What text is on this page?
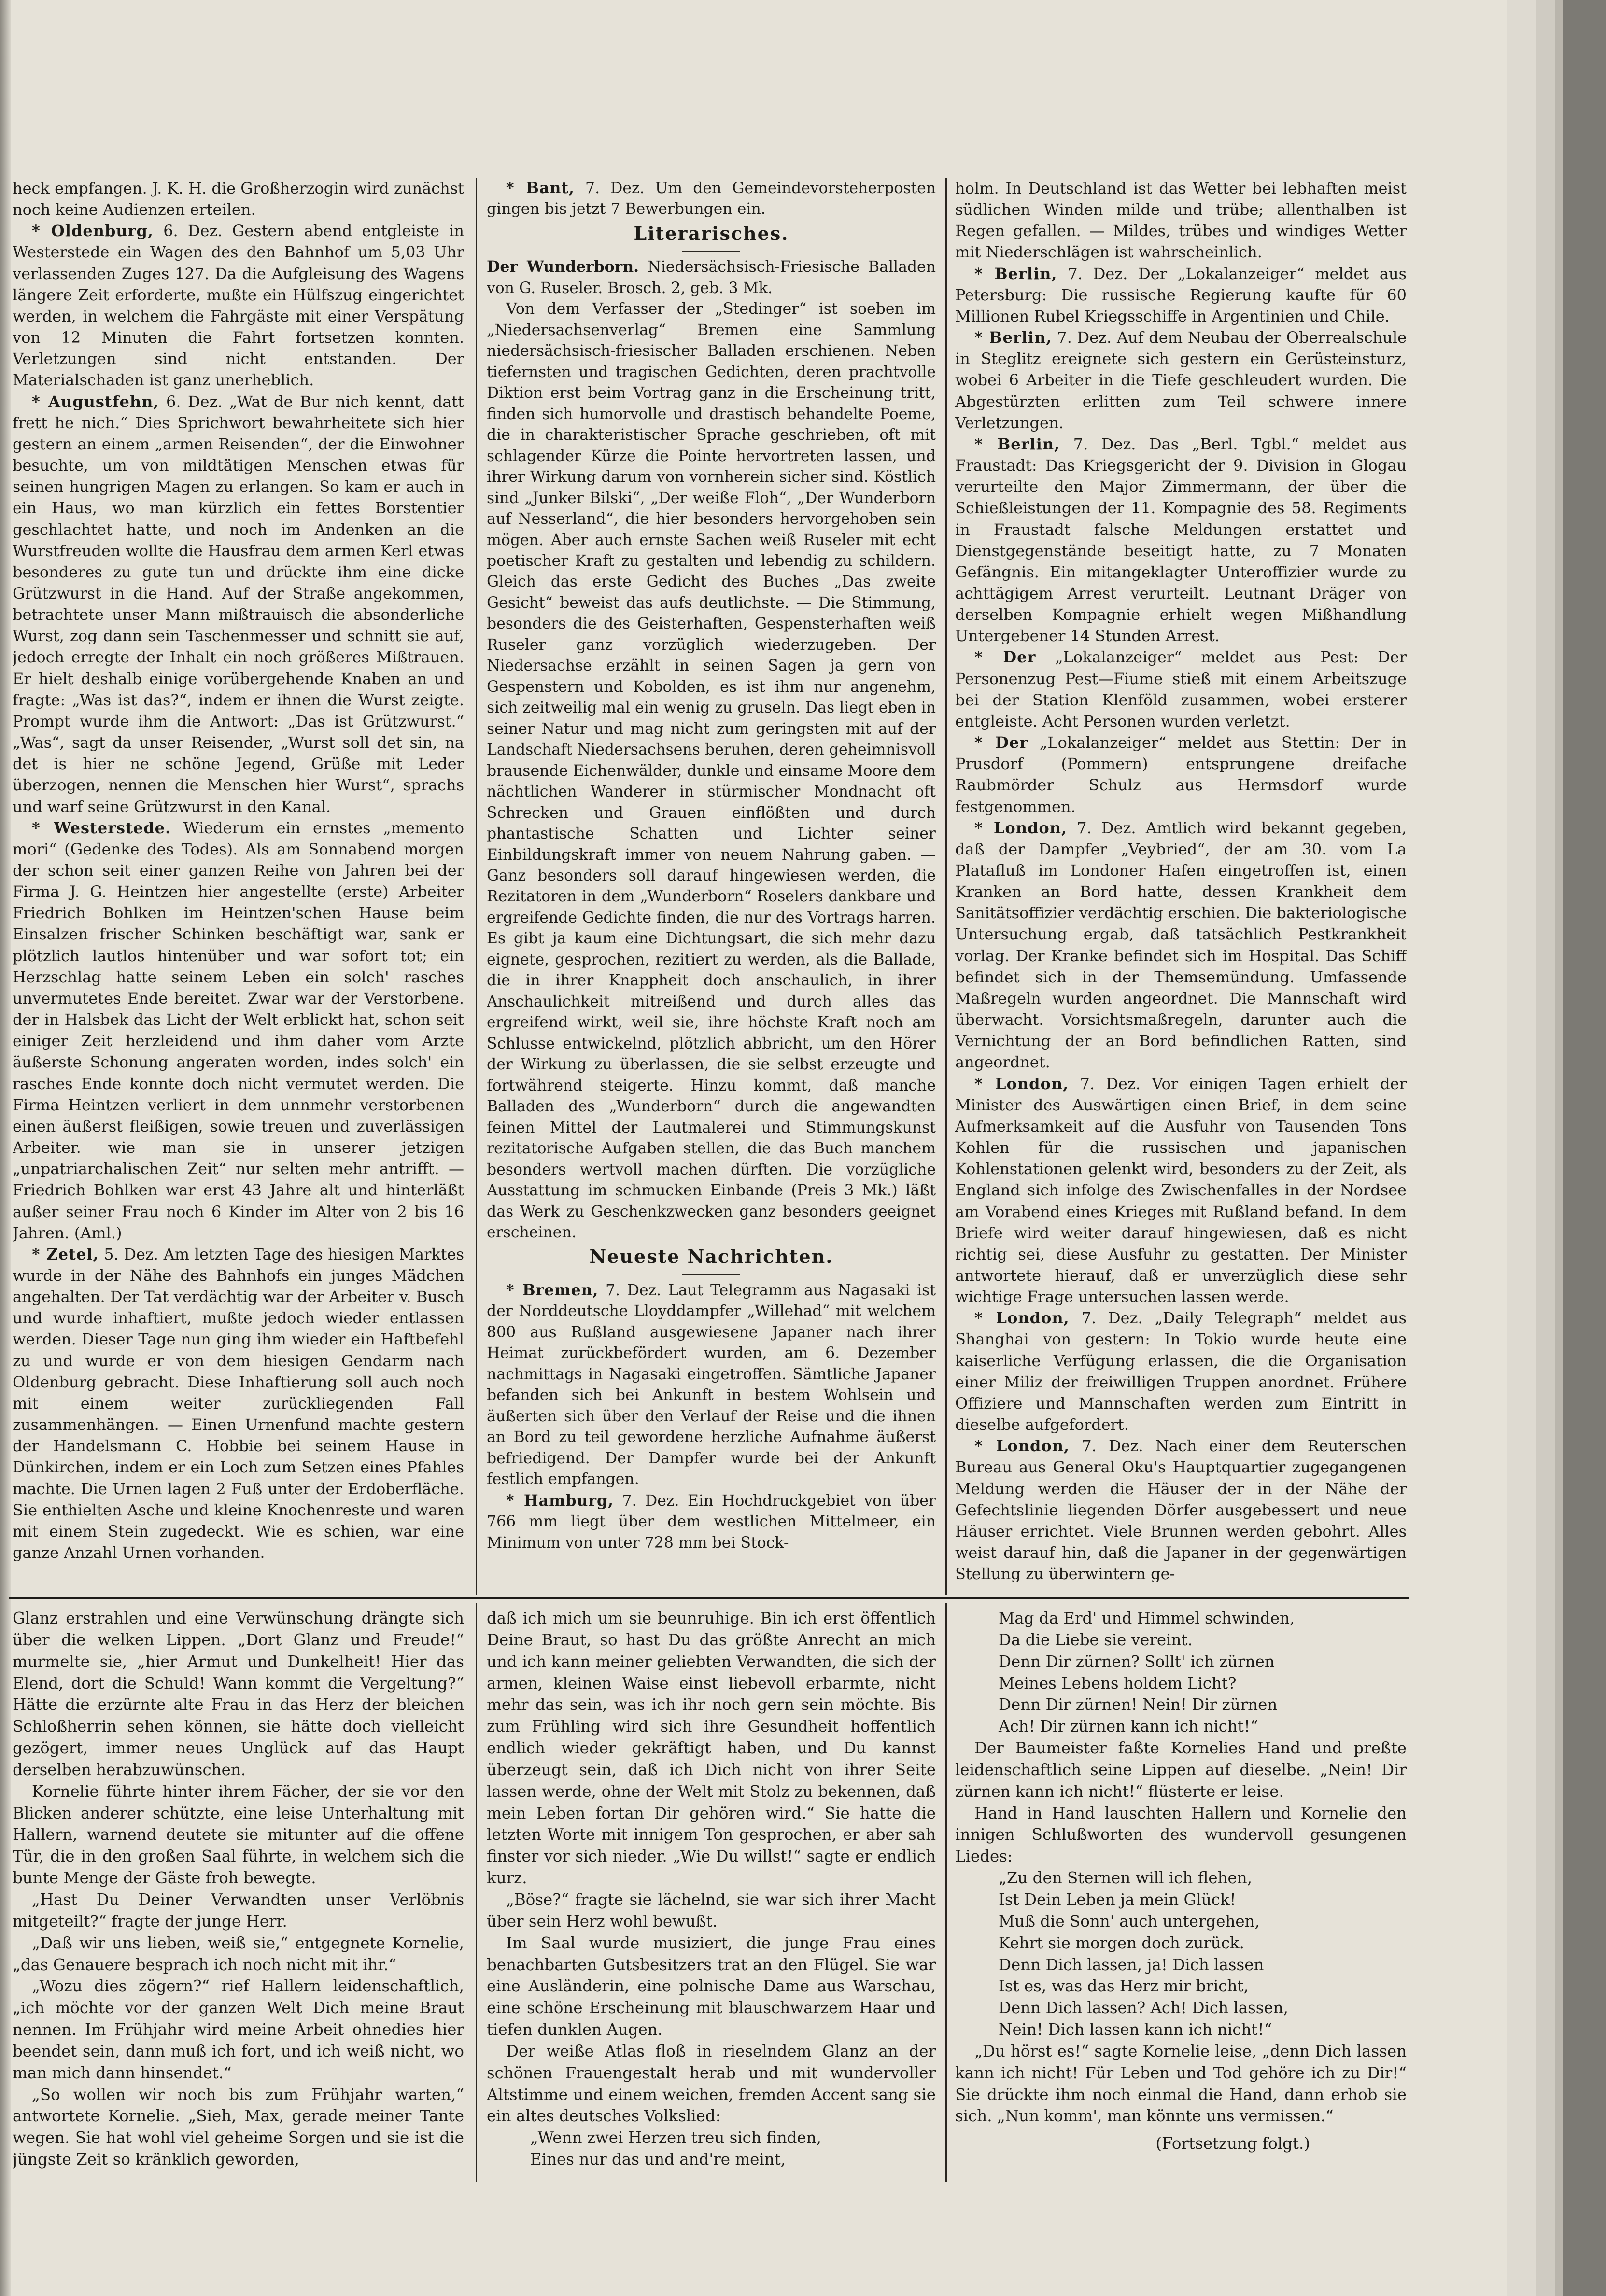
heck empfangen. J. K. H. die Großherzogin wird zunächst noch keine Audienzen erteilen.

* Oldenburg, 6. Dez. Gestern abend entgleiste in Westerstede ein Wagen des den Bahnhof um 5,03 Uhr verlassenden Zuges 127. Da die Aufgleisung des Wagens längere Zeit erforderte, mußte ein Hülfszug eingerichtet werden, in welchem die Fahrgäste mit einer Verspätung von 12 Minuten die Fahrt fortsetzen konnten. Verletzungen sind nicht entstanden. Der Materialschaden ist ganz unerheblich.

* Augustfehn, 6. Dez. „Wat de Bur nich kennt, datt frett he nich.“ Dies Sprichwort bewahrheitete sich hier gestern an einem „armen Reisenden“, der die Einwohner besuchte, um von mildtätigen Menschen etwas für seinen hungrigen Magen zu erlangen. So kam er auch in ein Haus, wo man kürzlich ein fettes Borstentier geschlachtet hatte, und noch im Andenken an die Wurstfreuden wollte die Hausfrau dem armen Kerl etwas besonderes zu gute tun und drückte ihm eine dicke Grützwurst in die Hand. Auf der Straße angekommen, betrachtete unser Mann mißtrauisch die absonderliche Wurst, zog dann sein Taschenmesser und schnitt sie auf, jedoch erregte der Inhalt ein noch größeres Mißtrauen. Er hielt deshalb einige vorübergehende Knaben an und fragte: „Was ist das?“, indem er ihnen die Wurst zeigte. Prompt wurde ihm die Antwort: „Das ist Grützwurst.“ „Was“, sagt da unser Reisender, „Wurst soll det sin, na det is hier ne schöne Jegend, Grüße mit Leder überzogen, nennen die Menschen hier Wurst“, sprachs und warf seine Grützwurst in den Kanal.

* Westerstede. Wiederum ein ernstes „memento mori“ (Gedenke des Todes). Als am Sonnabend morgen der schon seit einer ganzen Reihe von Jahren bei der Firma J. G. Heintzen hier angestellte (erste) Arbeiter Friedrich Bohlken im Heintzen'schen Hause beim Einsalzen frischer Schinken beschäftigt war, sank er plötzlich lautlos hintenüber und war sofort tot; ein Herzschlag hatte seinem Leben ein solch' rasches unvermutetes Ende bereitet. Zwar war der Verstorbene. der in Halsbek das Licht der Welt erblickt hat, schon seit einiger Zeit herzleidend und ihm daher vom Arzte äußerste Schonung angeraten worden, indes solch' ein rasches Ende konnte doch nicht vermutet werden. Die Firma Heintzen verliert in dem unnmehr verstorbenen einen äußerst fleißigen, sowie treuen und zuverlässigen Arbeiter. wie man sie in unserer jetzigen „unpatriarchalischen Zeit“ nur selten mehr antrifft. — Friedrich Bohlken war erst 43 Jahre alt und hinterläßt außer seiner Frau noch 6 Kinder im Alter von 2 bis 16 Jahren. (Aml.)

* Zetel, 5. Dez. Am letzten Tage des hiesigen Marktes wurde in der Nähe des Bahnhofs ein junges Mädchen angehalten. Der Tat verdächtig war der Arbeiter v. Busch und wurde inhaftiert, mußte jedoch wieder entlassen werden. Dieser Tage nun ging ihm wieder ein Haftbefehl zu und wurde er von dem hiesigen Gendarm nach Oldenburg gebracht. Diese Inhaftierung soll auch noch mit einem weiter zurückliegenden Fall zusammenhängen. — Einen Urnenfund machte gestern der Handelsmann C. Hobbie bei seinem Hause in Dünkirchen, indem er ein Loch zum Setzen eines Pfahles machte. Die Urnen lagen 2 Fuß unter der Erdoberfläche. Sie enthielten Asche und kleine Knochenreste und waren mit einem Stein zugedeckt. Wie es schien, war eine ganze Anzahl Urnen vorhanden.

* Bant, 7. Dez. Um den Gemeindevorsteherposten gingen bis jetzt 7 Bewerbungen ein.

Literarisches.

Der Wunderborn. Niedersächsisch-Friesische Balladen von G. Ruseler. Brosch. 2, geb. 3 Mk.

Von dem Verfasser der „Stedinger“ ist soeben im „Niedersachsenverlag“ Bremen eine Sammlung niedersächsisch-friesischer Balladen erschienen. Neben tiefernsten und tragischen Gedichten, deren prachtvolle Diktion erst beim Vortrag ganz in die Erscheinung tritt, finden sich humorvolle und drastisch behandelte Poeme, die in charakteristischer Sprache geschrieben, oft mit schlagender Kürze die Pointe hervortreten lassen, und ihrer Wirkung darum von vornherein sicher sind. Köstlich sind „Junker Bilski“, „Der weiße Floh“, „Der Wunderborn auf Nesserland“, die hier besonders hervorgehoben sein mögen. Aber auch ernste Sachen weiß Ruseler mit echt poetischer Kraft zu gestalten und lebendig zu schildern. Gleich das erste Gedicht des Buches „Das zweite Gesicht“ beweist das aufs deutlichste. — Die Stimmung, besonders die des Geisterhaften, Gespensterhaften weiß Ruseler ganz vorzüglich wiederzugeben. Der Niedersachse erzählt in seinen Sagen ja gern von Gespenstern und Kobolden, es ist ihm nur angenehm, sich zeitweilig mal ein wenig zu gruseln. Das liegt eben in seiner Natur und mag nicht zum geringsten mit auf der Landschaft Niedersachsens beruhen, deren geheimnisvoll brausende Eichenwälder, dunkle und einsame Moore dem nächtlichen Wanderer in stürmischer Mondnacht oft Schrecken und Grauen einflößten und durch phantastische Schatten und Lichter seiner Einbildungskraft immer von neuem Nahrung gaben. — Ganz besonders soll darauf hingewiesen werden, die Rezitatoren in dem „Wunderborn“ Roselers dankbare und ergreifende Gedichte finden, die nur des Vortrags harren. Es gibt ja kaum eine Dichtungsart, die sich mehr dazu eignete, gesprochen, rezitiert zu werden, als die Ballade, die in ihrer Knappheit doch anschaulich, in ihrer Anschaulichkeit mitreißend und durch alles das ergreifend wirkt, weil sie, ihre höchste Kraft noch am Schlusse entwickelnd, plötzlich abbricht, um den Hörer der Wirkung zu überlassen, die sie selbst erzeugte und fortwährend steigerte. Hinzu kommt, daß manche Balladen des „Wunderborn“ durch die angewandten feinen Mittel der Lautmalerei und Stimmungskunst rezitatorische Aufgaben stellen, die das Buch manchem besonders wertvoll machen dürften. Die vorzügliche Ausstattung im schmucken Einbande (Preis 3 Mk.) läßt das Werk zu Geschenkzwecken ganz besonders geeignet erscheinen.

Neueste Nachrichten.

* Bremen, 7. Dez. Laut Telegramm aus Nagasaki ist der Norddeutsche Lloyddampfer „Willehad“ mit welchem 800 aus Rußland ausgewiesene Japaner nach ihrer Heimat zurückbefördert wurden, am 6. Dezember nachmittags in Nagasaki eingetroffen. Sämtliche Japaner befanden sich bei Ankunft in bestem Wohlsein und äußerten sich über den Verlauf der Reise und die ihnen an Bord zu teil gewordene herzliche Aufnahme äußerst befriedigend. Der Dampfer wurde bei der Ankunft festlich empfangen.

* Hamburg, 7. Dez. Ein Hochdruckgebiet von über 766 mm liegt über dem westlichen Mittelmeer, ein Minimum von unter 728 mm bei Stock-

holm. In Deutschland ist das Wetter bei lebhaften meist südlichen Winden milde und trübe; allenthalben ist Regen gefallen. — Mildes, trübes und windiges Wetter mit Niederschlägen ist wahrscheinlich.

* Berlin, 7. Dez. Der „Lokalanzeiger“ meldet aus Petersburg: Die russische Regierung kaufte für 60 Millionen Rubel Kriegsschiffe in Argentinien und Chile.

* Berlin, 7. Dez. Auf dem Neubau der Oberrealschule in Steglitz ereignete sich gestern ein Gerüsteinsturz, wobei 6 Arbeiter in die Tiefe geschleudert wurden. Die Abgestürzten erlitten zum Teil schwere innere Verletzungen.

* Berlin, 7. Dez. Das „Berl. Tgbl.“ meldet aus Fraustadt: Das Kriegsgericht der 9. Division in Glogau verurteilte den Major Zimmermann, der über die Schießleistungen der 11. Kompagnie des 58. Regiments in Fraustadt falsche Meldungen erstattet und Dienstgegenstände beseitigt hatte, zu 7 Monaten Gefängnis. Ein mitangeklagter Unteroffizier wurde zu achttägigem Arrest verurteilt. Leutnant Dräger von derselben Kompagnie erhielt wegen Mißhandlung Untergebener 14 Stunden Arrest.

* Der „Lokalanzeiger“ meldet aus Pest: Der Personenzug Pest—Fiume stieß mit einem Arbeitszuge bei der Station Klenföld zusammen, wobei ersterer entgleiste. Acht Personen wurden verletzt.

* Der „Lokalanzeiger“ meldet aus Stettin: Der in Prusdorf (Pommern) entsprungene dreifache Raubmörder Schulz aus Hermsdorf wurde festgenommen.

* London, 7. Dez. Amtlich wird bekannt gegeben, daß der Dampfer „Veybried“, der am 30. vom La Platafluß im Londoner Hafen eingetroffen ist, einen Kranken an Bord hatte, dessen Krankheit dem Sanitätsoffizier verdächtig erschien. Die bakteriologische Untersuchung ergab, daß tatsächlich Pestkrankheit vorlag. Der Kranke befindet sich im Hospital. Das Schiff befindet sich in der Themsemündung. Umfassende Maßregeln wurden angeordnet. Die Mannschaft wird überwacht. Vorsichtsmaßregeln, darunter auch die Vernichtung der an Bord befindlichen Ratten, sind angeordnet.

* London, 7. Dez. Vor einigen Tagen erhielt der Minister des Auswärtigen einen Brief, in dem seine Aufmerksamkeit auf die Ausfuhr von Tausenden Tons Kohlen für die russischen und japanischen Kohlenstationen gelenkt wird, besonders zu der Zeit, als England sich infolge des Zwischenfalles in der Nordsee am Vorabend eines Krieges mit Rußland befand. In dem Briefe wird weiter darauf hingewiesen, daß es nicht richtig sei, diese Ausfuhr zu gestatten. Der Minister antwortete hierauf, daß er unverzüglich diese sehr wichtige Frage untersuchen lassen werde.

* London, 7. Dez. „Daily Telegraph“ meldet aus Shanghai von gestern: In Tokio wurde heute eine kaiserliche Verfügung erlassen, die die Organisation einer Miliz der freiwilligen Truppen anordnet. Frühere Offiziere und Mannschaften werden zum Eintritt in dieselbe aufgefordert.

* London, 7. Dez. Nach einer dem Reuterschen Bureau aus General Oku's Hauptquartier zugegangenen Meldung werden die Häuser der in der Nähe der Gefechtslinie liegenden Dörfer ausgebessert und neue Häuser errichtet. Viele Brunnen werden gebohrt. Alles weist darauf hin, daß die Japaner in der gegenwärtigen Stellung zu überwintern ge-

Glanz erstrahlen und eine Verwünschung drängte sich über die welken Lippen. „Dort Glanz und Freude!“ murmelte sie, „hier Armut und Dunkelheit! Hier das Elend, dort die Schuld! Wann kommt die Vergeltung?“ Hätte die erzürnte alte Frau in das Herz der bleichen Schloßherrin sehen können, sie hätte doch vielleicht gezögert, immer neues Unglück auf das Haupt derselben herabzuwünschen.

Kornelie führte hinter ihrem Fächer, der sie vor den Blicken anderer schützte, eine leise Unterhaltung mit Hallern, warnend deutete sie mitunter auf die offene Tür, die in den großen Saal führte, in welchem sich die bunte Menge der Gäste froh bewegte.

„Hast Du Deiner Verwandten unser Verlöbnis mitgeteilt?“ fragte der junge Herr.

„Daß wir uns lieben, weiß sie,“ entgegnete Kornelie, „das Genauere besprach ich noch nicht mit ihr.“

„Wozu dies zögern?“ rief Hallern leidenschaftlich, „ich möchte vor der ganzen Welt Dich meine Braut nennen. Im Frühjahr wird meine Arbeit ohnedies hier beendet sein, dann muß ich fort, und ich weiß nicht, wo man mich dann hinsendet.“

„So wollen wir noch bis zum Frühjahr warten,“ antwortete Kornelie. „Sieh, Max, gerade meiner Tante wegen. Sie hat wohl viel geheime Sorgen und sie ist die jüngste Zeit so kränklich geworden,

daß ich mich um sie beunruhige. Bin ich erst öffentlich Deine Braut, so hast Du das größte Anrecht an mich und ich kann meiner geliebten Verwandten, die sich der armen, kleinen Waise einst liebevoll erbarmte, nicht mehr das sein, was ich ihr noch gern sein möchte. Bis zum Frühling wird sich ihre Gesundheit hoffentlich endlich wieder gekräftigt haben, und Du kannst überzeugt sein, daß ich Dich nicht von ihrer Seite lassen werde, ohne der Welt mit Stolz zu bekennen, daß mein Leben fortan Dir gehören wird.“ Sie hatte die letzten Worte mit innigem Ton gesprochen, er aber sah finster vor sich nieder. „Wie Du willst!“ sagte er endlich kurz.

„Böse?“ fragte sie lächelnd, sie war sich ihrer Macht über sein Herz wohl bewußt.

Im Saal wurde musiziert, die junge Frau eines benachbarten Gutsbesitzers trat an den Flügel. Sie war eine Ausländerin, eine polnische Dame aus Warschau, eine schöne Erscheinung mit blauschwarzem Haar und tiefen dunklen Augen.

Der weiße Atlas floß in rieselndem Glanz an der schönen Frauengestalt herab und mit wundervoller Altstimme und einem weichen, fremden Accent sang sie ein altes deutsches Volkslied:

„Wenn zwei Herzen treu sich finden,

Eines nur das und and're meint,

Mag da Erd' und Himmel schwinden,

Da die Liebe sie vereint.

Denn Dir zürnen? Sollt' ich zürnen

Meines Lebens holdem Licht?

Denn Dir zürnen! Nein! Dir zürnen

Ach! Dir zürnen kann ich nicht!“

Der Baumeister faßte Kornelies Hand und preßte leidenschaftlich seine Lippen auf dieselbe. „Nein! Dir zürnen kann ich nicht!“ flüsterte er leise.

Hand in Hand lauschten Hallern und Kornelie den innigen Schlußworten des wundervoll gesungenen Liedes:

„Zu den Sternen will ich flehen,

Ist Dein Leben ja mein Glück!

Muß die Sonn' auch untergehen,

Kehrt sie morgen doch zurück.

Denn Dich lassen, ja! Dich lassen

Ist es, was das Herz mir bricht,

Denn Dich lassen? Ach! Dich lassen,

Nein! Dich lassen kann ich nicht!“

„Du hörst es!“ sagte Kornelie leise, „denn Dich lassen kann ich nicht! Für Leben und Tod gehöre ich zu Dir!“ Sie drückte ihm noch einmal die Hand, dann erhob sie sich. „Nun komm', man könnte uns vermissen.“

(Fortsetzung folgt.)
